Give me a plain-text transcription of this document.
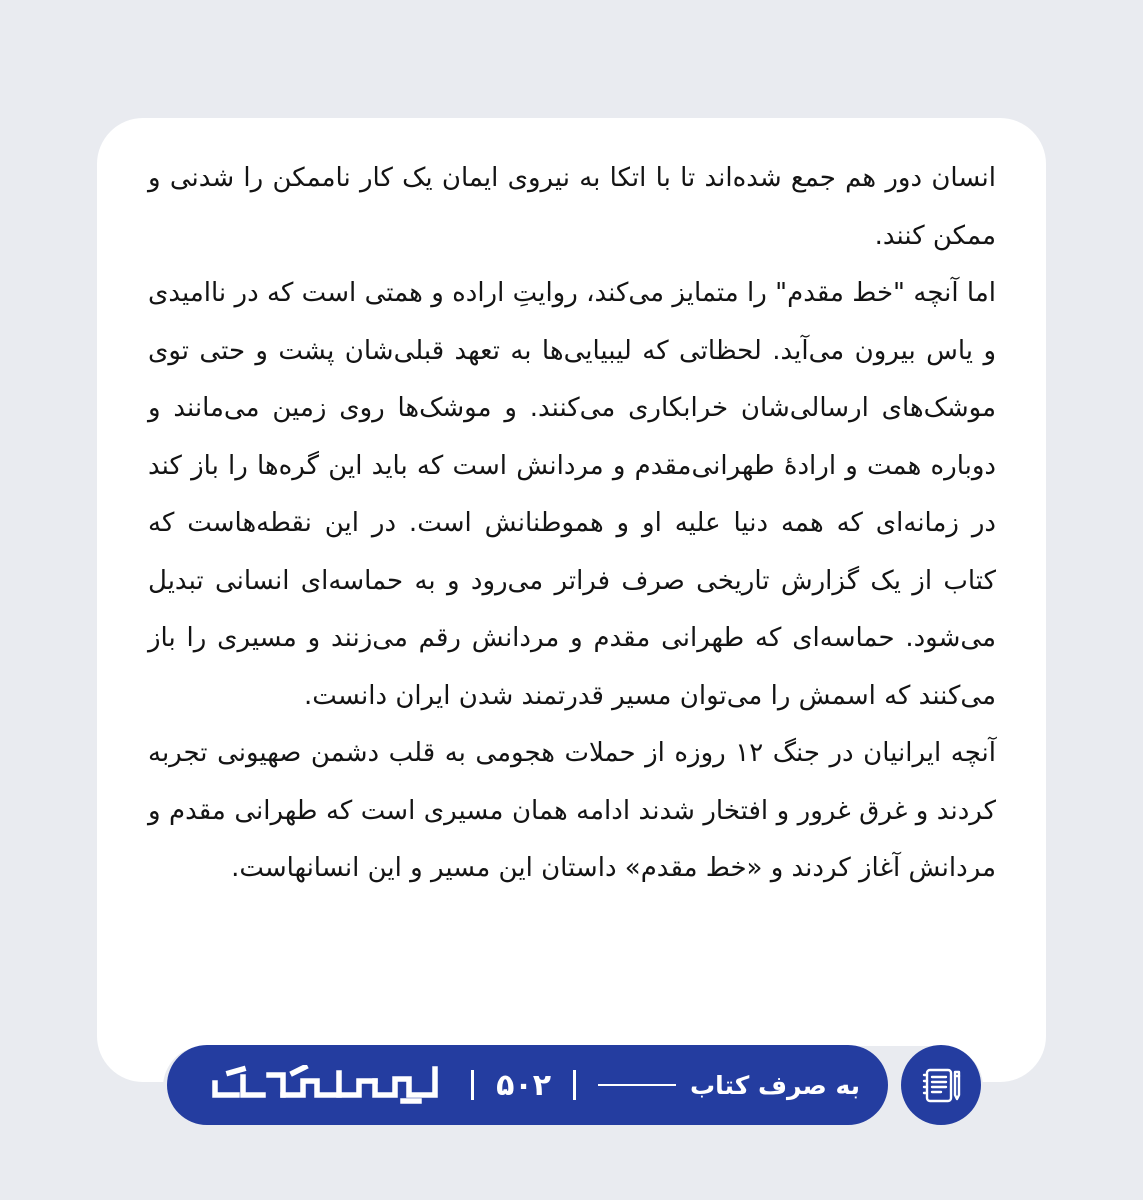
انسان دور هم جمع شده‌اند تا با اتکا به نیروی ایمان یک کار ناممکن را شدنی و ممکن کنند.

اما آنچه "خط مقدم" را متمایز می‌کند، روایتِ اراده و همتی است که در ناامیدی و یاس بیرون می‌آید. لحظاتی که لیبیایی‌ها به تعهد قبلی‌شان پشت و حتی توی موشک‌های ارسالی‌شان خرابکاری می‌کنند. و موشک‌ها روی زمین می‌مانند و دوباره همت و ارادهٔ طهرانی‌مقدم و مردانش است که باید این گره‌ها را باز کند در زمانه‌ای که همه دنیا علیه او و هموطنانش است. در این نقطه‌هاست که کتاب از یک گزارش تاریخی صرف فراتر می‌رود و به حماسه‌ای انسانی تبدیل می‌شود. حماسه‌ای که طهرانی مقدم و مردانش رقم می‌زنند و مسیری را باز می‌کنند که اسمش را می‌توان مسیر قدرتمند شدن ایران دانست.

آنچه ایرانیان در جنگ ۱۲ روزه از حملات هجومی به قلب دشمن صهیونی تجربه کردند و غرق غرور و افتخار شدند ادامه همان مسیری است که طهرانی مقدم و مردانش آغاز کردند و «خط مقدم» داستان این مسیر و این انسانهاست.

به صرف کتاب
۵۰۲
